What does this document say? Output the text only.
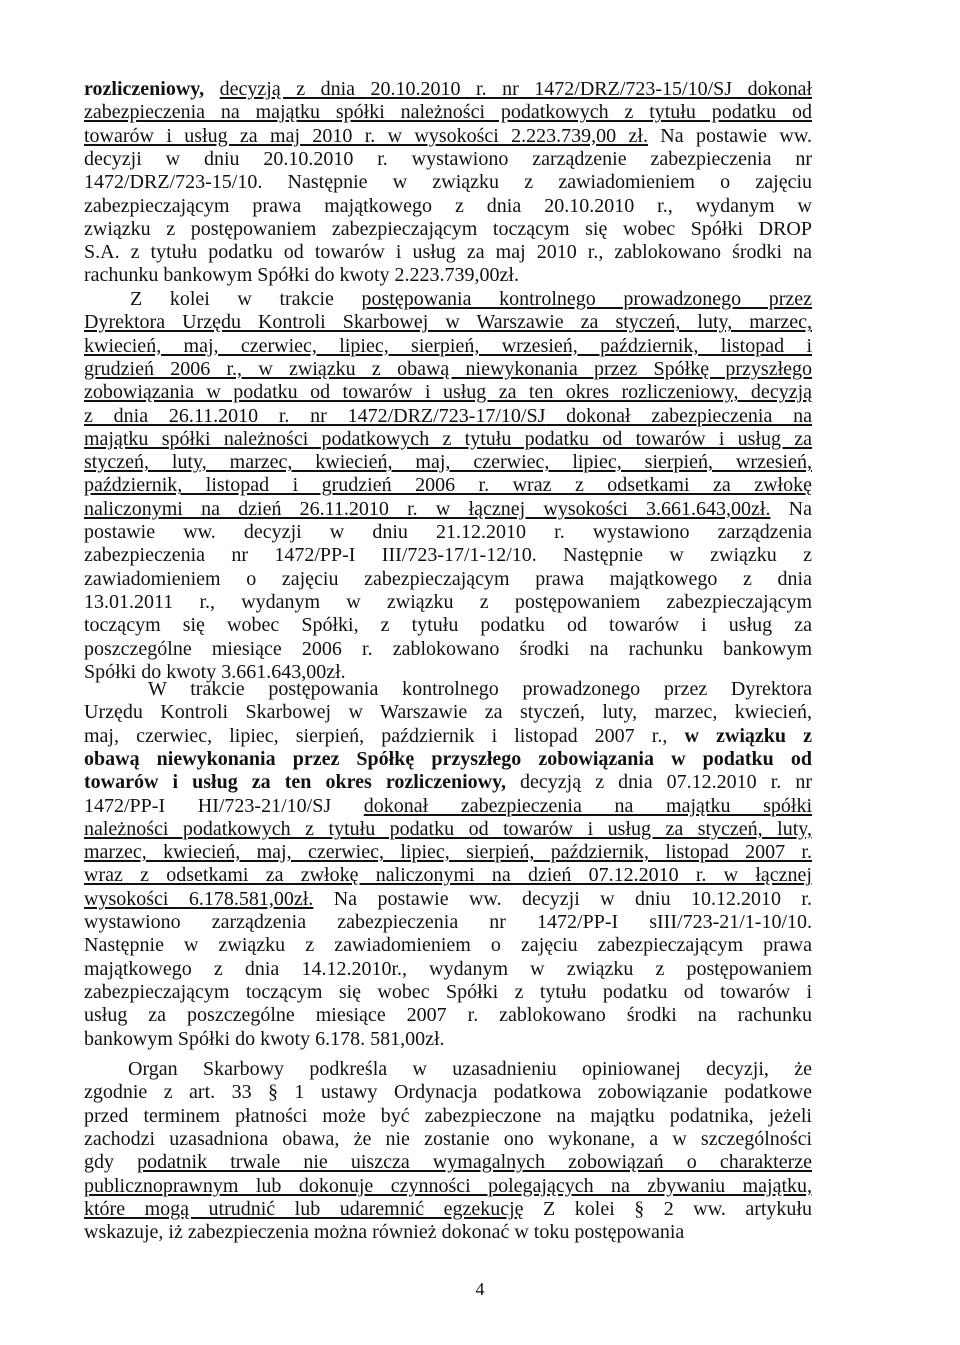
rozliczeniowy, decyzją z dnia 20.10.2010 r. nr 1472/DRZ/723-15/10/SJ dokonał
zabezpieczenia na majątku spółki należności podatkowych z tytułu podatku od
towarów i usług za maj 2010 r. w wysokości 2.223.739,00 zł. Na postawie ww.
decyzji w dniu 20.10.2010 r. wystawiono zarządzenie zabezpieczenia nr
1472/DRZ/723-15/10. Następnie w związku z zawiadomieniem o zajęciu
zabezpieczającym prawa majątkowego z dnia 20.10.2010 r., wydanym w
związku z postępowaniem zabezpieczającym toczącym się wobec Spółki DROP
S.A. z tytułu podatku od towarów i usług za maj 2010 r., zablokowano środki na
rachunku bankowym Spółki do kwoty 2.223.739,00zł.
Z kolei w trakcie postępowania kontrolnego prowadzonego przez
Dyrektora Urzędu Kontroli Skarbowej w Warszawie za styczeń, luty, marzec,
kwiecień, maj, czerwiec, lipiec, sierpień, wrzesień, październik, listopad i
grudzień 2006 r., w związku z obawą niewykonania przez Spółkę przyszłego
zobowiązania w podatku od towarów i usług za ten okres rozliczeniowy, decyzją
z dnia 26.11.2010 r. nr 1472/DRZ/723-17/10/SJ dokonał zabezpieczenia na
majątku spółki należności podatkowych z tytułu podatku od towarów i usług za
styczeń, luty, marzec, kwiecień, maj, czerwiec, lipiec, sierpień, wrzesień,
październik, listopad i grudzień 2006 r. wraz z odsetkami za zwłokę
naliczonymi na dzień 26.11.2010 r. w łącznej wysokości 3.661.643,00zł. Na
postawie ww. decyzji w dniu 21.12.2010 r. wystawiono zarządzenia
zabezpieczenia nr 1472/PP-I III/723-17/1-12/10. Następnie w związku z
zawiadomieniem o zajęciu zabezpieczającym prawa majątkowego z dnia
13.01.2011 r., wydanym w związku z postępowaniem zabezpieczającym
toczącym się wobec Spółki, z tytułu podatku od towarów i usług za
poszczególne miesiące 2006 r. zablokowano środki na rachunku bankowym
Spółki do kwoty 3.661.643,00zł.
W trakcie postępowania kontrolnego prowadzonego przez Dyrektora
Urzędu Kontroli Skarbowej w Warszawie za styczeń, luty, marzec, kwiecień,
maj, czerwiec, lipiec, sierpień, październik i listopad 2007 r., w związku z
obawą niewykonania przez Spółkę przyszłego zobowiązania w podatku od
towarów i usług za ten okres rozliczeniowy, decyzją z dnia 07.12.2010 r. nr
1472/PP-I HI/723-21/10/SJ dokonał zabezpieczenia na majątku spółki
należności podatkowych z tytułu podatku od towarów i usług za styczeń, luty,
marzec, kwiecień, maj, czerwiec, lipiec, sierpień, październik, listopad 2007 r.
wraz z odsetkami za zwłokę naliczonymi na dzień 07.12.2010 r. w łącznej
wysokości 6.178.581,00zł. Na postawie ww. decyzji w dniu 10.12.2010 r.
wystawiono zarządzenia zabezpieczenia nr 1472/PP-I sIII/723-21/1-10/10.
Następnie w związku z zawiadomieniem o zajęciu zabezpieczającym prawa
majątkowego z dnia 14.12.2010r., wydanym w związku z postępowaniem
zabezpieczającym toczącym się wobec Spółki z tytułu podatku od towarów i
usług za poszczególne miesiące 2007 r. zablokowano środki na rachunku
bankowym Spółki do kwoty 6.178. 581,00zł.
Organ Skarbowy podkreśla w uzasadnieniu opiniowanej decyzji, że
zgodnie z art. 33 § 1 ustawy Ordynacja podatkowa zobowiązanie podatkowe
przed terminem płatności może być zabezpieczone na majątku podatnika, jeżeli
zachodzi uzasadniona obawa, że nie zostanie ono wykonane, a w szczególności
gdy podatnik trwale nie uiszcza wymagalnych zobowiązań o charakterze
publicznoprawnym lub dokonuje czynności polegających na zbywaniu majątku,
które mogą utrudnić lub udaremnić egzekucję Z kolei § 2 ww. artykułu
wskazuje, iż zabezpieczenia można również dokonać w toku postępowania
4
